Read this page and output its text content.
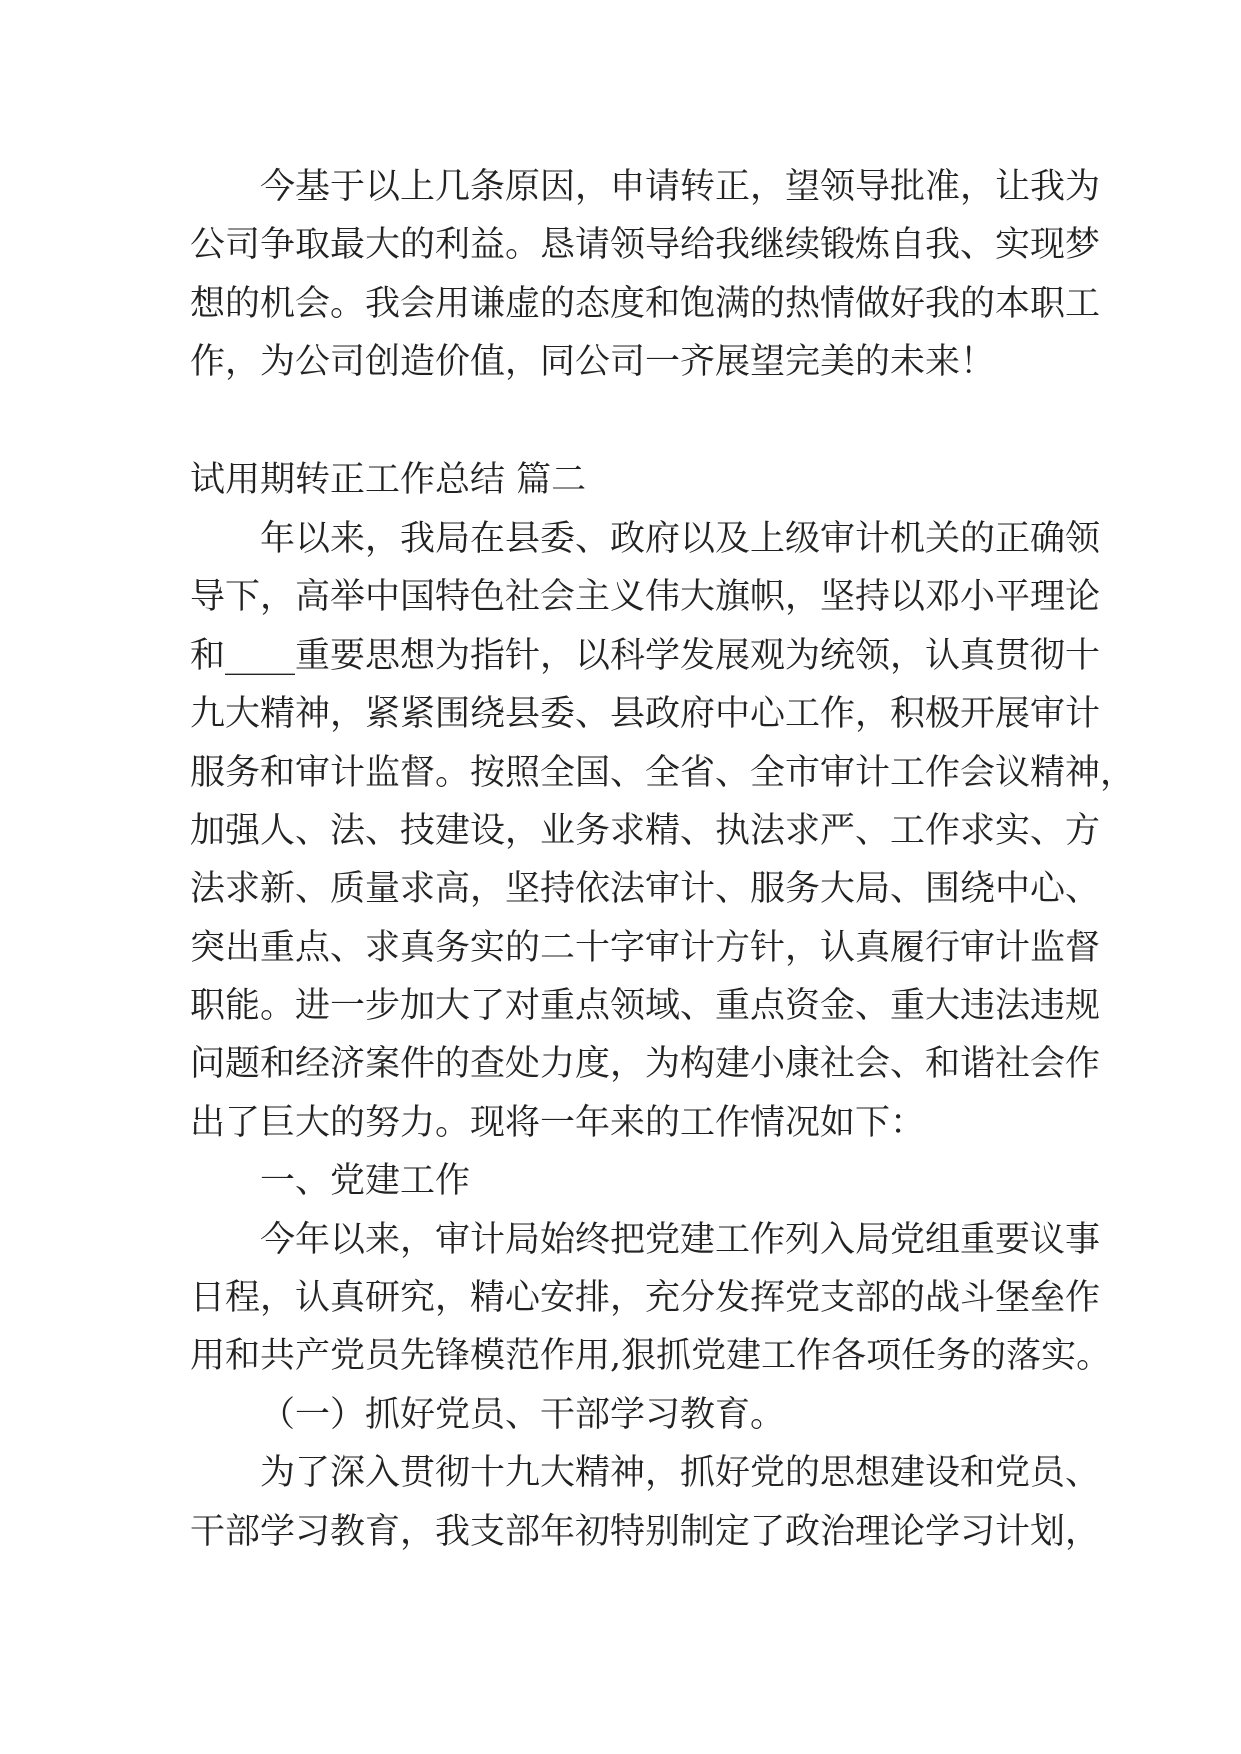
今基于以上几条原因，申请转正，望领导批准，让我为
公司争取最大的利益。恳请领导给我继续锻炼自我、实现梦
想的机会。我会用谦虚的态度和饱满的热情做好我的本职工
作，为公司创造价值，同公司一齐展望完美的未来！
试用期转正工作总结 篇二
年以来，我局在县委、政府以及上级审计机关的正确领
导下，高举中国特色社会主义伟大旗帜，坚持以邓小平理论
和____重要思想为指针，以科学发展观为统领，认真贯彻十
九大精神，紧紧围绕县委、县政府中心工作，积极开展审计
服务和审计监督。按照全国、全省、全市审计工作会议精神，
加强人、法、技建设，业务求精、执法求严、工作求实、方
法求新、质量求高，坚持依法审计、服务大局、围绕中心、
突出重点、求真务实的二十字审计方针，认真履行审计监督
职能。进一步加大了对重点领域、重点资金、重大违法违规
问题和经济案件的查处力度，为构建小康社会、和谐社会作
出了巨大的努力。现将一年来的工作情况如下：
一、党建工作
今年以来，审计局始终把党建工作列入局党组重要议事
日程，认真研究，精心安排，充分发挥党支部的战斗堡垒作
用和共产党员先锋模范作用,狠抓党建工作各项任务的落实。
（一）抓好党员、干部学习教育。
为了深入贯彻十九大精神，抓好党的思想建设和党员、
干部学习教育，我支部年初特别制定了政治理论学习计划，
